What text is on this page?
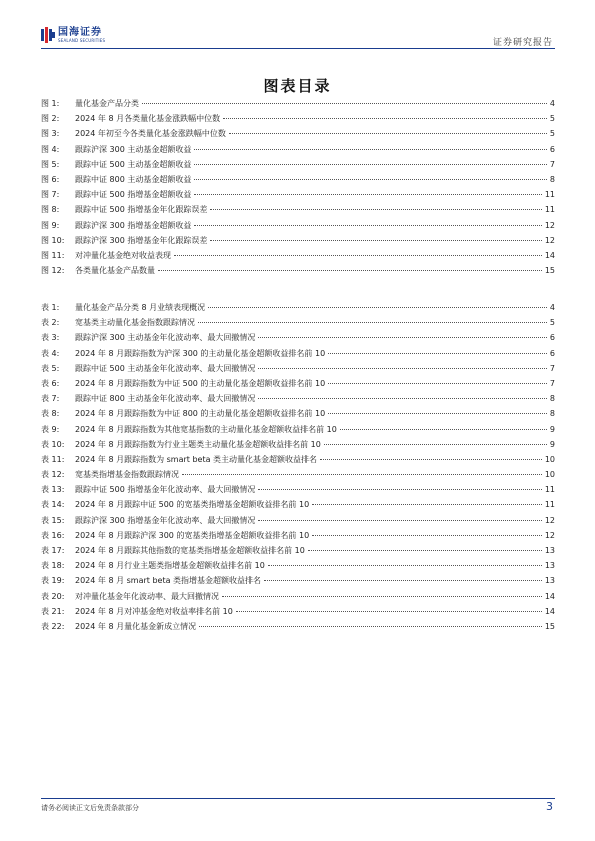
国海证券
SEALAND SECURITIES	证券研究报告
图表目录
图 1:	量化基金产品分类	4
图 2:	2024 年 8 月各类量化基金涨跌幅中位数	5
图 3:	2024 年初至今各类量化基金涨跌幅中位数	5
图 4:	跟踪沪深 300 主动基金超额收益	6
图 5:	跟踪中证 500 主动基金超额收益	7
图 6:	跟踪中证 800 主动基金超额收益	8
图 7:	跟踪中证 500 指增基金超额收益	11
图 8:	跟踪中证 500 指增基金年化跟踪误差	11
图 9:	跟踪沪深 300 指增基金超额收益	12
图 10:	跟踪沪深 300 指增基金年化跟踪误差	12
图 11:	对冲量化基金绝对收益表现	14
图 12:	各类量化基金产品数量	15
表 1:	量化基金产品分类 8 月业绩表现概况	4
表 2:	宽基类主动量化基金指数跟踪情况	5
表 3:	跟踪沪深 300 主动基金年化波动率、最大回撤情况	6
表 4:	2024 年 8 月跟踪指数为沪深 300 的主动量化基金超额收益排名前 10	6
表 5:	跟踪中证 500 主动基金年化波动率、最大回撤情况	7
表 6:	2024 年 8 月跟踪指数为中证 500 的主动量化基金超额收益排名前 10	7
表 7:	跟踪中证 800 主动基金年化波动率、最大回撤情况	8
表 8:	2024 年 8 月跟踪指数为中证 800 的主动量化基金超额收益排名前 10	8
表 9:	2024 年 8 月跟踪指数为其他宽基指数的主动量化基金超额收益排名前 10	9
表 10:	2024 年 8 月跟踪指数为行业主题类主动量化基金超额收益排名前 10	9
表 11:	2024 年 8 月跟踪指数为 smart beta 类主动量化基金超额收益排名	10
表 12:	宽基类指增基金指数跟踪情况	10
表 13:	跟踪中证 500 指增基金年化波动率、最大回撤情况	11
表 14:	2024 年 8 月跟踪中证 500 的宽基类指增基金超额收益排名前 10	11
表 15:	跟踪沪深 300 指增基金年化波动率、最大回撤情况	12
表 16:	2024 年 8 月跟踪沪深 300 的宽基类指增基金超额收益排名前 10	12
表 17:	2024 年 8 月跟踪其他指数的宽基类指增基金超额收益排名前 10	13
表 18:	2024 年 8 月行业主题类指增基金超额收益排名前 10	13
表 19:	2024 年 8 月 smart beta 类指增基金超额收益排名	13
表 20:	对冲量化基金年化波动率、最大回撤情况	14
表 21:	2024 年 8 月对冲基金绝对收益率排名前 10	14
表 22:	2024 年 8 月量化基金新成立情况	15
请务必阅读正文后免责条款部分	3
